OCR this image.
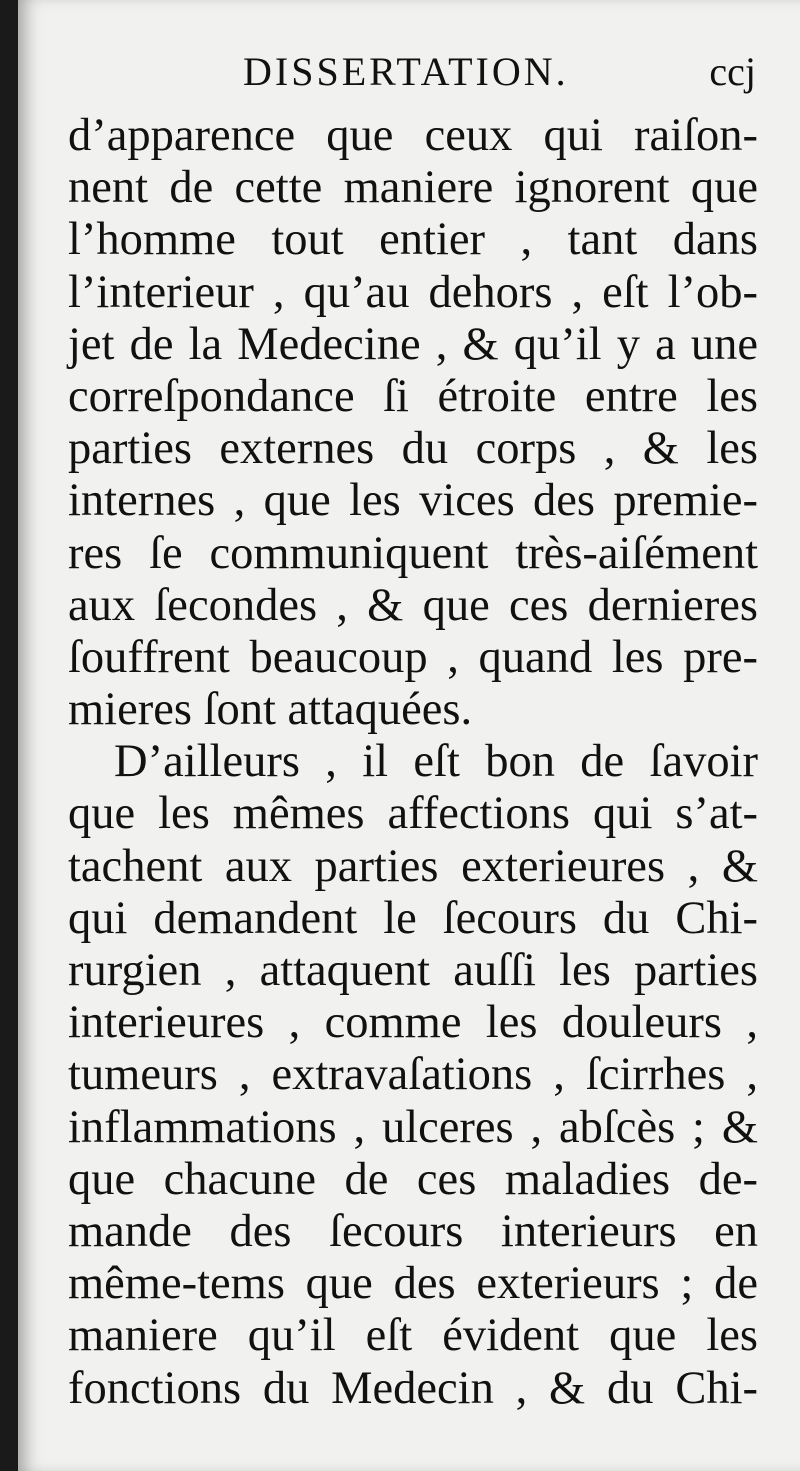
DISSERTATION.	ccj
d’apparence que ceux qui raiſon-
nent de cette maniere ignorent que
l’homme tout entier , tant dans
l’interieur , qu’au dehors , eſt l’ob-
jet de la Medecine , & qu’il y a une
correſpondance ſi étroite entre les
parties externes du corps , & les
internes , que les vices des premie-
res ſe communiquent très-aiſément
aux ſecondes , & que ces dernieres
ſouffrent beaucoup , quand les pre-
mieres ſont attaquées.
D’ailleurs , il eſt bon de ſavoir
que les mêmes affections qui s’at-
tachent aux parties exterieures , &
qui demandent le ſecours du Chi-
rurgien , attaquent auſſi les parties
interieures , comme les douleurs ,
tumeurs , extravaſations , ſcirrhes ,
inflammations , ulceres , abſcès ; &
que chacune de ces maladies de-
mande des ſecours interieurs en
même-tems que des exterieurs ; de
maniere qu’il eſt évident que les
fonctions du Medecin , & du Chi-
